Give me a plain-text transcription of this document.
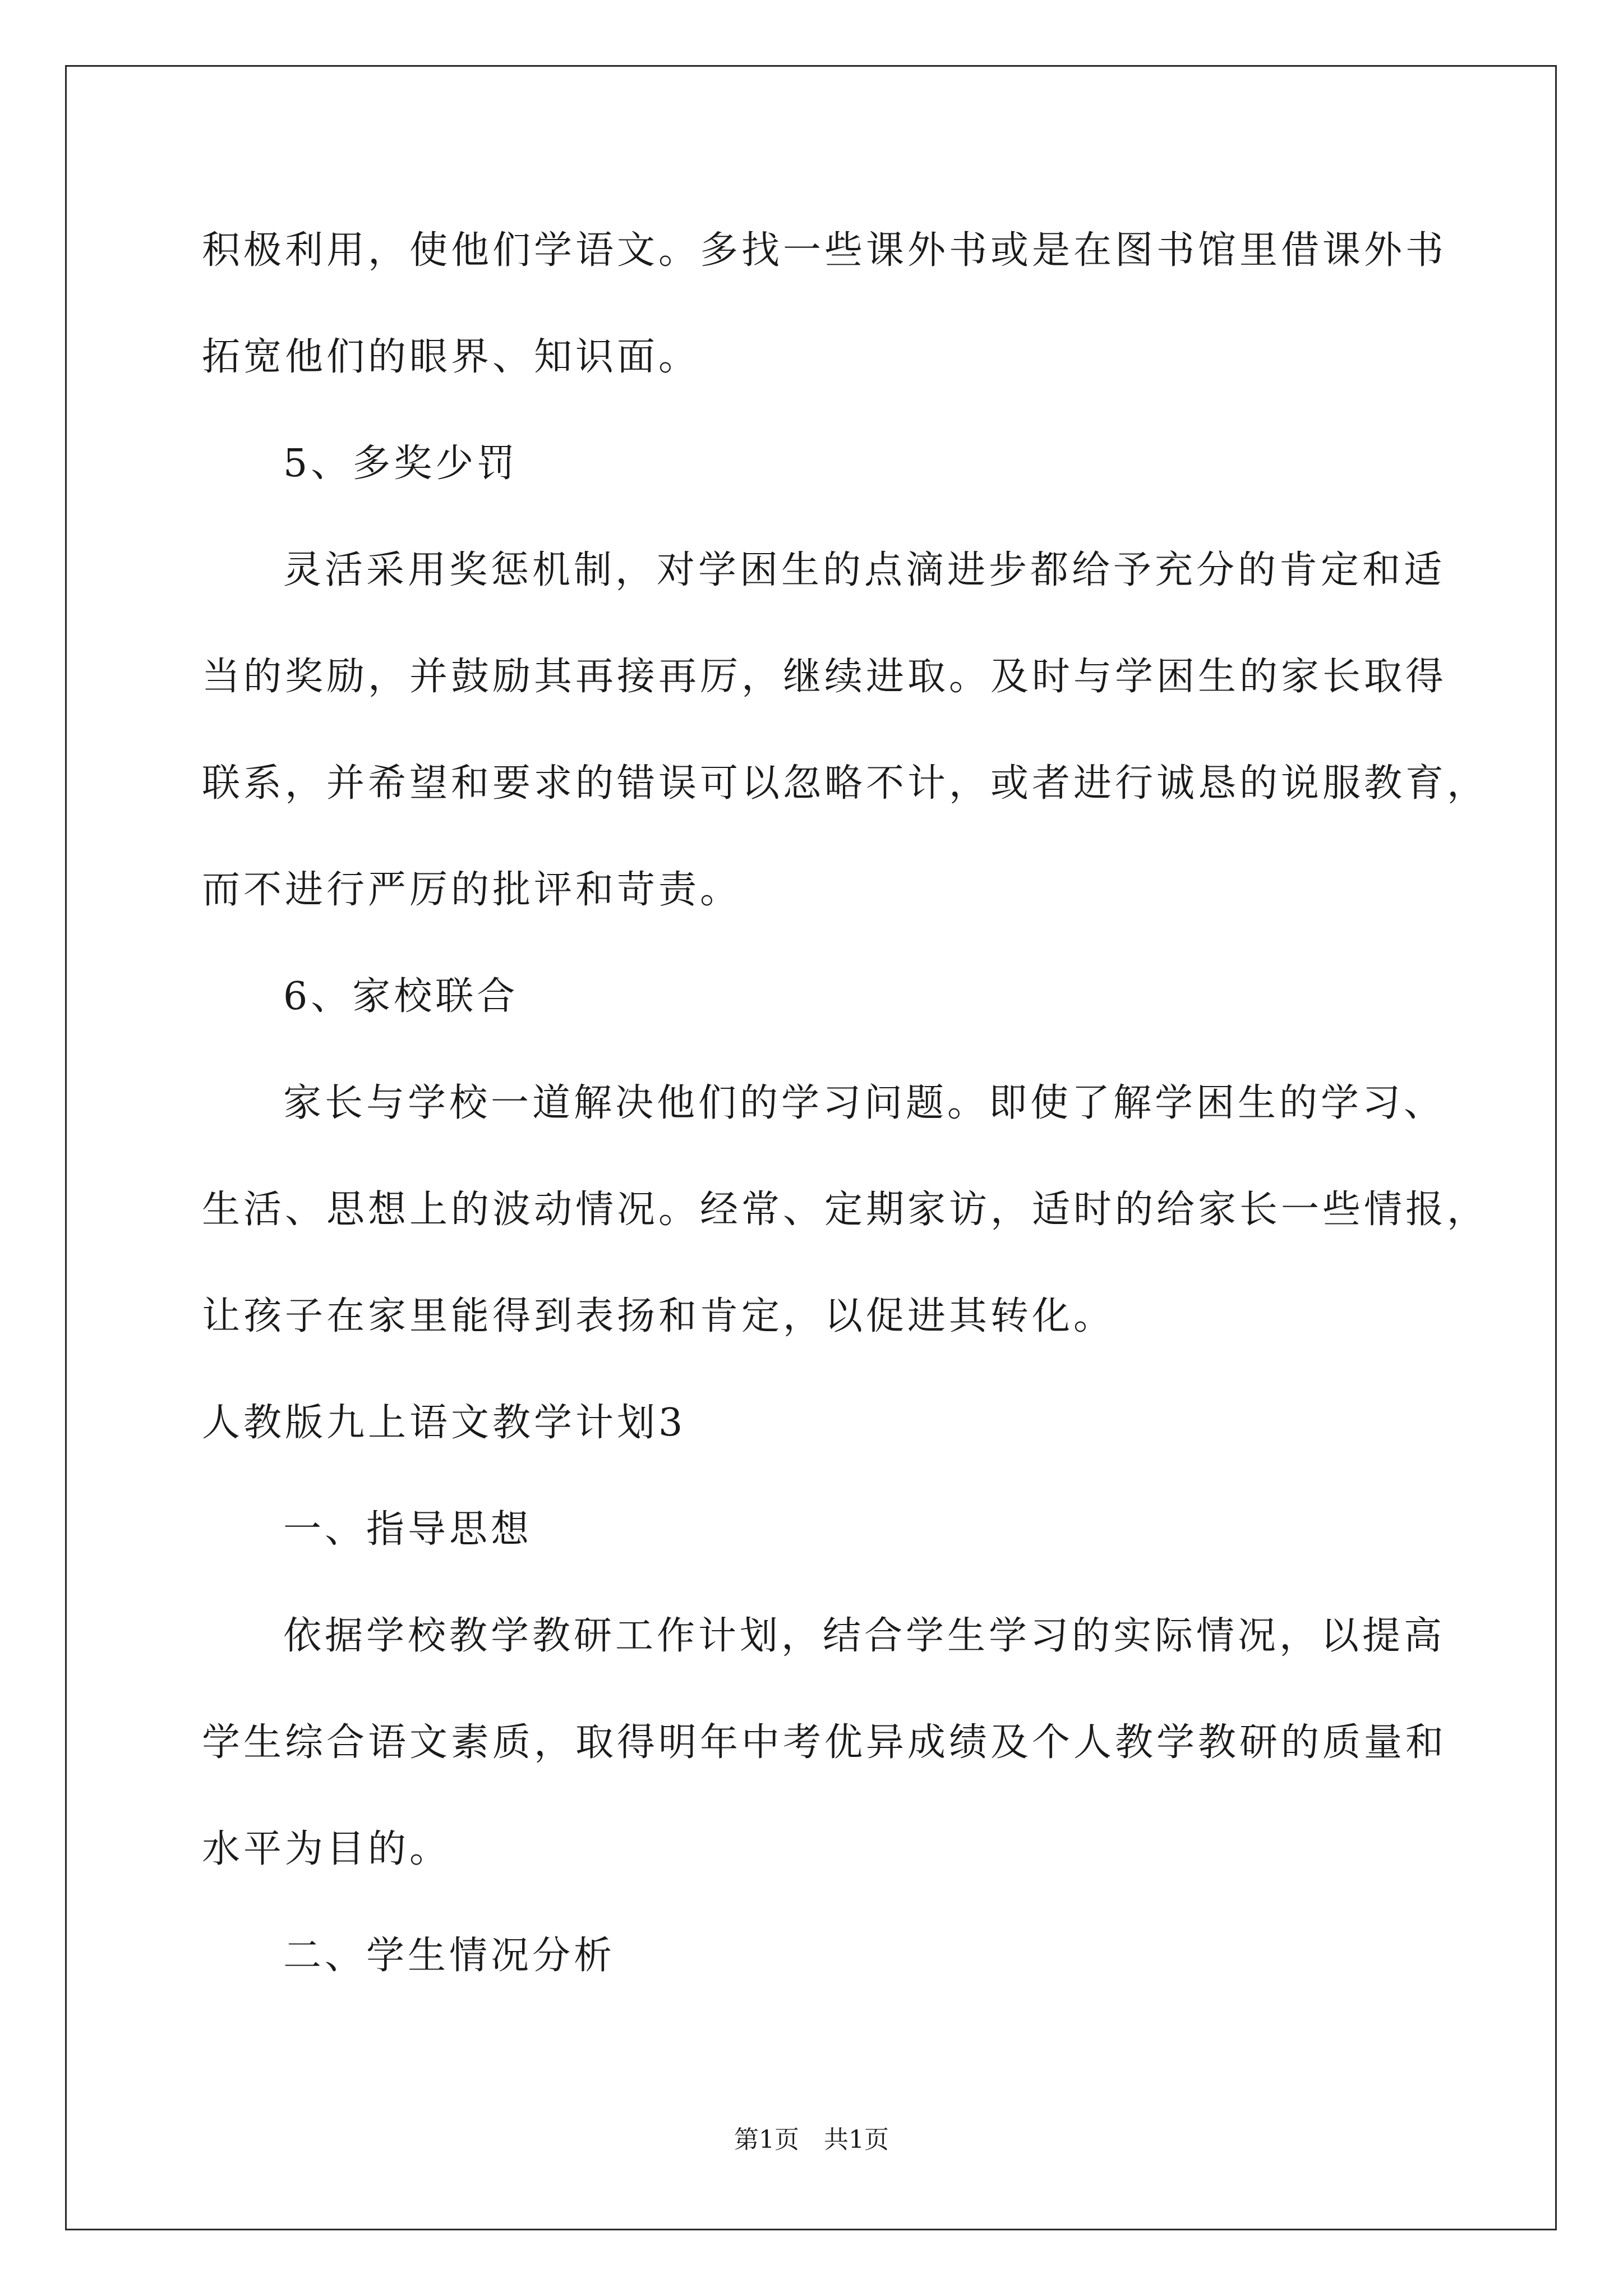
积极利用，使他们学语文。多找一些课外书或是在图书馆里借课外书
拓宽他们的眼界、知识面。
5、多奖少罚
灵活采用奖惩机制，对学困生的点滴进步都给予充分的肯定和适
当的奖励，并鼓励其再接再厉，继续进取。及时与学困生的家长取得
联系，并希望和要求的错误可以忽略不计，或者进行诚恳的说服教育，
而不进行严厉的批评和苛责。
6、家校联合
家长与学校一道解决他们的学习问题。即使了解学困生的学习、
生活、思想上的波动情况。经常、定期家访，适时的给家长一些情报，
让孩子在家里能得到表扬和肯定，以促进其转化。
人教版九上语文教学计划3
一、指导思想
依据学校教学教研工作计划，结合学生学习的实际情况，以提高
学生综合语文素质，取得明年中考优异成绩及个人教学教研的质量和
水平为目的。
二、学生情况分析
第1页　共1页
